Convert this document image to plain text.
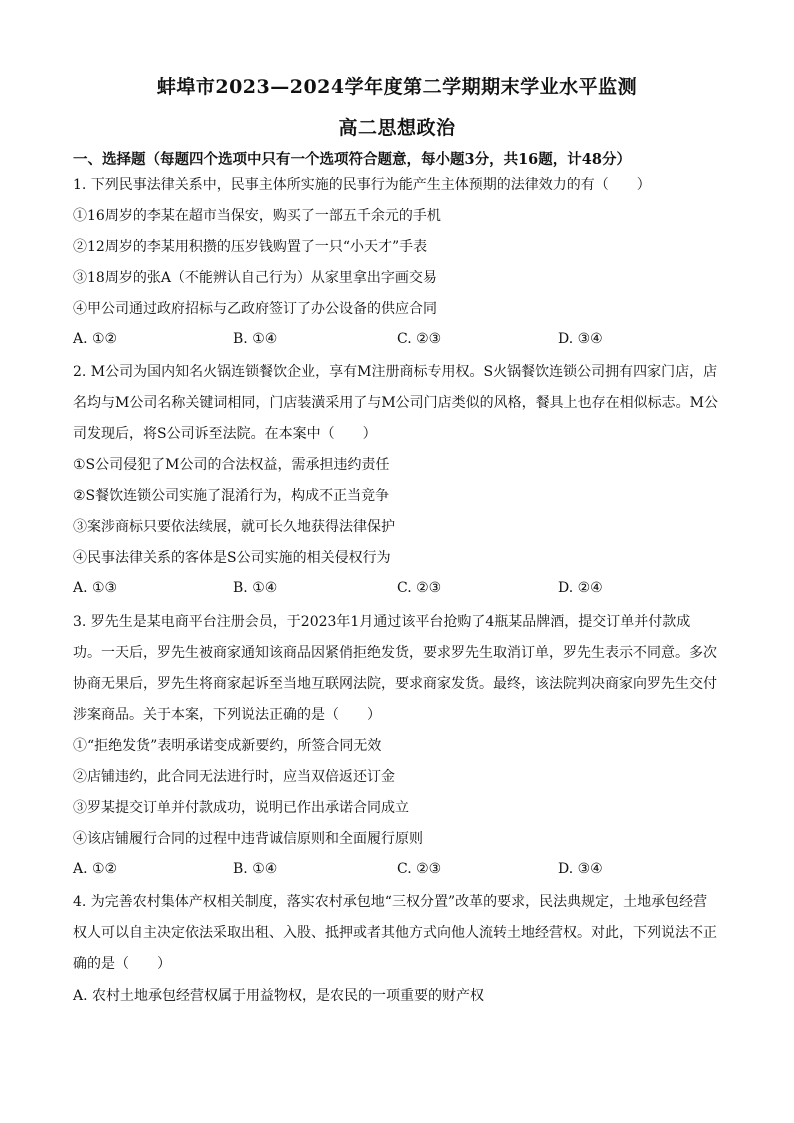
蚌埠市2023—2024学年度第二学期期末学业水平监测
高二思想政治
一、选择题（每题四个选项中只有一个选项符合题意，每小题3分，共16题，计48分）
1. 下列民事法律关系中，民事主体所实施的民事行为能产生主体预期的法律效力的有（　　）
①16周岁的李某在超市当保安，购买了一部五千余元的手机
②12周岁的李某用积攒的压岁钱购置了一只“小天才”手表
③18周岁的张A（不能辨认自己行为）从家里拿出字画交易
④甲公司通过政府招标与乙政府签订了办公设备的供应合同
A. ①②	B. ①④	C. ②③	D. ③④
2. M公司为国内知名火锅连锁餐饮企业，享有M注册商标专用权。S火锅餐饮连锁公司拥有四家门店，店
名均与M公司名称关键词相同，门店装潢采用了与M公司门店类似的风格，餐具上也存在相似标志。M公
司发现后，将S公司诉至法院。在本案中（　　）
①S公司侵犯了M公司的合法权益，需承担违约责任
②S餐饮连锁公司实施了混淆行为，构成不正当竞争
③案涉商标只要依法续展，就可长久地获得法律保护
④民事法律关系的客体是S公司实施的相关侵权行为
A. ①③	B. ①④	C. ②③	D. ②④
3. 罗先生是某电商平台注册会员，于2023年1月通过该平台抢购了4瓶某品牌酒，提交订单并付款成
功。一天后，罗先生被商家通知该商品因紧俏拒绝发货，要求罗先生取消订单，罗先生表示不同意。多次
协商无果后，罗先生将商家起诉至当地互联网法院，要求商家发货。最终，该法院判决商家向罗先生交付
涉案商品。关于本案，下列说法正确的是（　　）
①“拒绝发货”表明承诺变成新要约，所签合同无效
②店铺违约，此合同无法进行时，应当双倍返还订金
③罗某提交订单并付款成功，说明已作出承诺合同成立
④该店铺履行合同的过程中违背诚信原则和全面履行原则
A. ①②	B. ①④	C. ②③	D. ③④
4. 为完善农村集体产权相关制度，落实农村承包地“三权分置”改革的要求，民法典规定，土地承包经营
权人可以自主决定依法采取出租、入股、抵押或者其他方式向他人流转土地经营权。对此，下列说法不正
确的是（　　）
A. 农村土地承包经营权属于用益物权，是农民的一项重要的财产权
